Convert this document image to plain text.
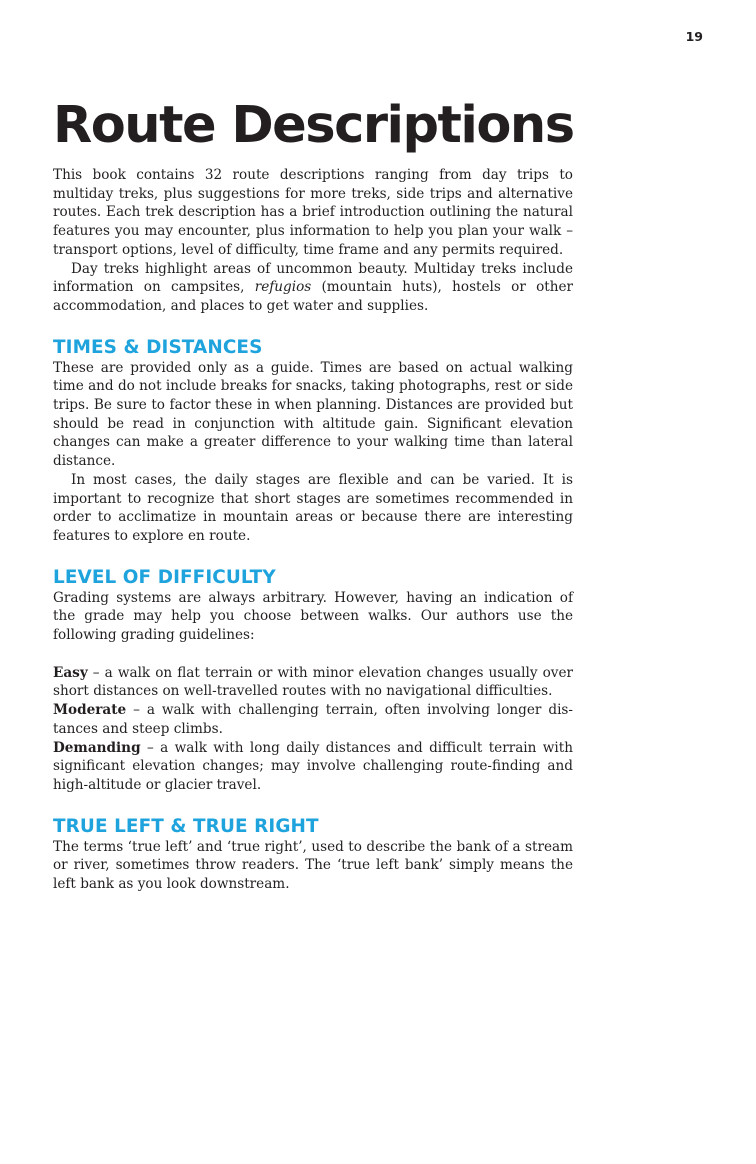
19
Route Descriptions

This book contains 32 route descriptions ranging from day trips to multiday treks, plus suggestions for more treks, side trips and alternative routes. Each trek description has a brief introduction outlining the natural features you may encounter, plus information to help you plan your walk – transport options, level of difficulty, time frame and any permits required.

Day treks highlight areas of uncommon beauty. Multiday treks include information on campsites, refugios (mountain huts), hostels or other accommodation, and places to get water and supplies.

TIMES & DISTANCES

These are provided only as a guide. Times are based on actual walking time and do not include breaks for snacks, taking photographs, rest or side trips. Be sure to factor these in when planning. Distances are provided but should be read in conjunction with altitude gain. Significant elevation changes can make a greater difference to your walking time than lateral distance.

In most cases, the daily stages are flexible and can be varied. It is important to recognize that short stages are sometimes recommended in order to acclimatize in mountain areas or because there are interesting features to explore en route.

LEVEL OF DIFFICULTY

Grading systems are always arbitrary. However, having an indication of the grade may help you choose between walks. Our authors use the following grading guidelines:

Easy – a walk on flat terrain or with minor elevation changes usually over short distances on well-travelled routes with no navigational difficulties.

Moderate – a walk with challenging terrain, often involving longer distances and steep climbs.

Demanding – a walk with long daily distances and difficult terrain with significant elevation changes; may involve challenging route-finding and high-altitude or glacier travel.

TRUE LEFT & TRUE RIGHT

The terms ‘true left’ and ‘true right’, used to describe the bank of a stream or river, sometimes throw readers. The ‘true left bank’ simply means the left bank as you look downstream.
